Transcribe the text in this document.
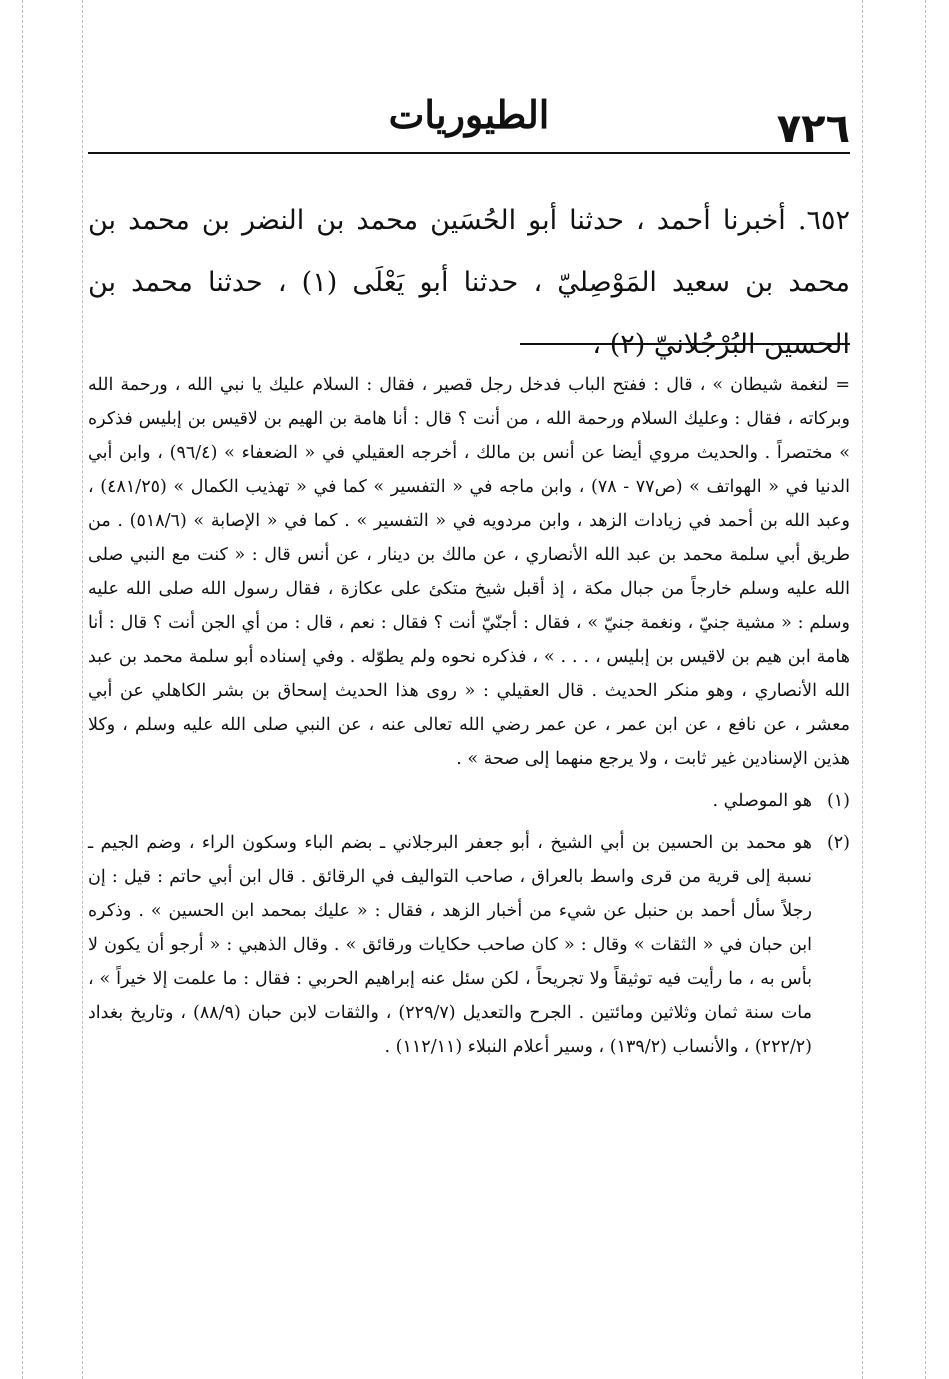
الطيوريات	٧٢٦
٦٥٢. أخبرنا أحمد ، حدثنا أبو الحُسَين محمد بن النضر بن محمد بن محمد بن سعيد المَوْصِليّ ، حدثنا أبو يَعْلَى (١) ، حدثنا محمد بن الحسين البُرْجُلانيّ (٢) ،

= لنغمة شيطان » ، قال : ففتح الباب فدخل رجل قصير ، فقال : السلام عليك يا نبي الله ، ورحمة الله وبركاته ، فقال : وعليك السلام ورحمة الله ، من أنت ؟ قال : أنا هامة بن الهيم بن لاقيس بن إبليس فذكره » مختصراً . والحديث مروي أيضا عن أنس بن مالك ، أخرجه العقيلي في « الضعفاء » (٩٦/٤) ، وابن أبي الدنيا في « الهواتف » (ص٧٧ - ٧٨) ، وابن ماجه في « التفسير » كما في « تهذيب الكمال » (٤٨١/٢٥) ، وعبد الله بن أحمد في زيادات الزهد ، وابن مردويه في « التفسير » . كما في « الإصابة » (٥١٨/٦) . من طريق أبي سلمة محمد بن عبد الله الأنصاري ، عن مالك بن دينار ، عن أنس قال : « كنت مع النبي صلى الله عليه وسلم خارجاً من جبال مكة ، إذ أقبل شيخ متكئ على عكازة ، فقال رسول الله صلى الله عليه وسلم : « مشية جنيّ ، ونغمة جنيّ » ، فقال : أجنّيّ أنت ؟ فقال : نعم ، قال : من أي الجن أنت ؟ قال : أنا هامة ابن هيم بن لاقيس بن إبليس ، . . . » ، فذكره نحوه ولم يطوّله . وفي إسناده أبو سلمة محمد بن عبد الله الأنصاري ، وهو منكر الحديث . قال العقيلي : « روى هذا الحديث إسحاق بن بشر الكاهلي عن أبي معشر ، عن نافع ، عن ابن عمر ، عن عمر رضي الله تعالى عنه ، عن النبي صلى الله عليه وسلم ، وكلا هذين الإسنادين غير ثابت ، ولا يرجع منهما إلى صحة » .

(١)
هو الموصلي .
(٢)
هو محمد بن الحسين بن أبي الشيخ ، أبو جعفر البرجلاني ـ بضم الباء وسكون الراء ، وضم الجيم ـ نسبة إلى قرية من قرى واسط بالعراق ، صاحب التواليف في الرقائق . قال ابن أبي حاتم : قيل : إن رجلاً سأل أحمد بن حنبل عن شيء من أخبار الزهد ، فقال : « عليك بمحمد ابن الحسين » . وذكره ابن حبان في « الثقات » وقال : « كان صاحب حكايات ورقائق » . وقال الذهبي : « أرجو أن يكون لا بأس به ، ما رأيت فيه توثيقاً ولا تجريحاً ، لكن سئل عنه إبراهيم الحربي : فقال : ما علمت إلا خيراً » ، مات سنة ثمان وثلاثين ومائتين . الجرح والتعديل (٢٢٩/٧) ، والثقات لابن حبان (٨٨/٩) ، وتاريخ بغداد (٢٢٢/٢) ، والأنساب (١٣٩/٢) ، وسير أعلام النبلاء (١١٢/١١) .
